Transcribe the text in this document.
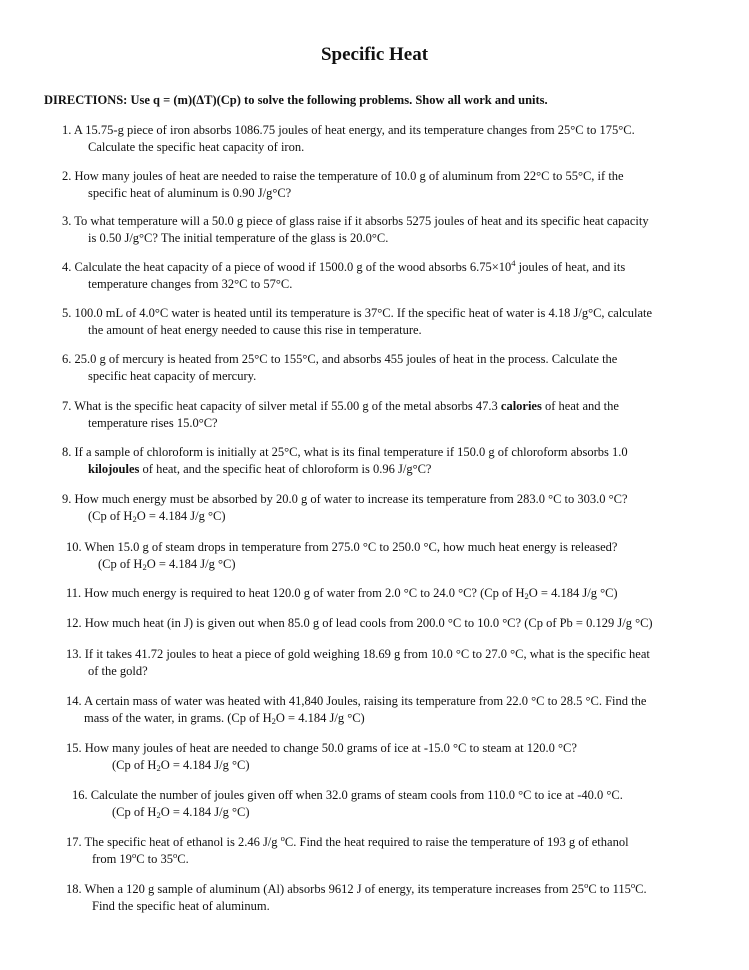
Specific Heat
DIRECTIONS: Use q = (m)(ΔT)(Cp) to solve the following problems. Show all work and units.
1. A 15.75-g piece of iron absorbs 1086.75 joules of heat energy, and its temperature changes from 25°C to 175°C.
Calculate the specific heat capacity of iron.
2. How many joules of heat are needed to raise the temperature of 10.0 g of aluminum from 22°C to 55°C, if the
specific heat of aluminum is 0.90 J/g°C?
3. To what temperature will a 50.0 g piece of glass raise if it absorbs 5275 joules of heat and its specific heat capacity
is 0.50 J/g°C? The initial temperature of the glass is 20.0°C.
4. Calculate the heat capacity of a piece of wood if 1500.0 g of the wood absorbs $6.75\times 10^4$ joules of heat, and its
temperature changes from 32°C to 57°C.
5. 100.0 mL of 4.0°C water is heated until its temperature is 37°C. If the specific heat of water is 4.18 J/g°C, calculate
the amount of heat energy needed to cause this rise in temperature.
6. 25.0 g of mercury is heated from 25°C to 155°C, and absorbs 455 joules of heat in the process. Calculate the
specific heat capacity of mercury.
7. What is the specific heat capacity of silver metal if 55.00 g of the metal absorbs 47.3 calories of heat and the
temperature rises 15.0°C?
8. If a sample of chloroform is initially at 25°C, what is its final temperature if 150.0 g of chloroform absorbs 1.0
kilojoules of heat, and the specific heat of chloroform is 0.96 J/g°C?
9. How much energy must be absorbed by 20.0 g of water to increase its temperature from 283.0 °C to 303.0 °C?
(Cp of $H_2O = 4.184$ J/g °C)
10. When 15.0 g of steam drops in temperature from 275.0 °C to 250.0 °C, how much heat energy is released?
(Cp of $H_2O = 4.184$ J/g °C)
11. How much energy is required to heat 120.0 g of water from 2.0 °C to 24.0 °C? (Cp of $H_2O = 4.184$ J/g °C)
12. How much heat (in J) is given out when 85.0 g of lead cools from 200.0 °C to 10.0 °C? (Cp of Pb = 0.129 J/g °C)
13. If it takes 41.72 joules to heat a piece of gold weighing 18.69 g from 10.0 °C to 27.0 °C, what is the specific heat
of the gold?
14. A certain mass of water was heated with 41,840 Joules, raising its temperature from 22.0 °C to 28.5 °C. Find the
mass of the water, in grams. (Cp of $H_2O = 4.184$ J/g °C)
15. How many joules of heat are needed to change 50.0 grams of ice at -15.0 °C to steam at 120.0 °C?
(Cp of $H_2O = 4.184$ J/g °C)
16. Calculate the number of joules given off when 32.0 grams of steam cools from 110.0 °C to ice at -40.0 °C.
(Cp of $H_2O = 4.184$ J/g °C)
17. The specific heat of ethanol is 2.46 J/g $^o$C. Find the heat required to raise the temperature of 193 g of ethanol
from 19$^o$C to 35$^o$C.
18. When a 120 g sample of aluminum (Al) absorbs 9612 J of energy, its temperature increases from 25$^o$C to 115$^o$C.
Find the specific heat of aluminum.
